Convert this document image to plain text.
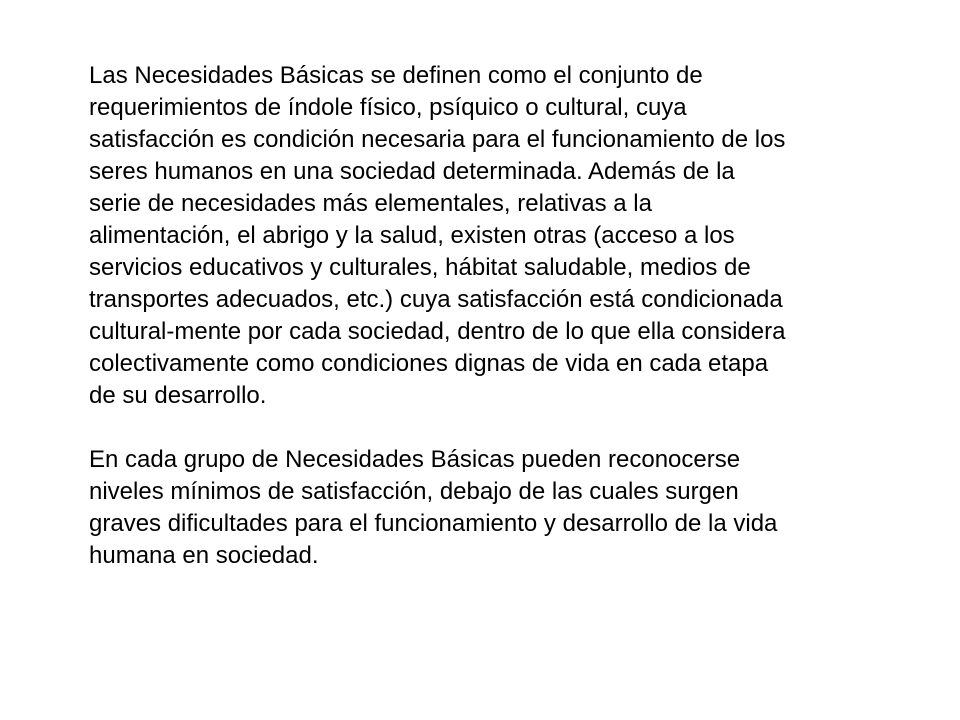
Las Necesidades Básicas se definen como el conjunto de
requerimientos de índole físico, psíquico o cultural, cuya
satisfacción es condición necesaria para el funcionamiento de los
seres humanos en una sociedad determinada. Además de la
serie de necesidades más elementales, relativas a la
alimentación, el abrigo y la salud, existen otras (acceso a los
servicios educativos y culturales, hábitat saludable, medios de
transportes adecuados, etc.) cuya satisfacción está condicionada
cultural-mente por cada sociedad, dentro de lo que ella considera
colectivamente como condiciones dignas de vida en cada etapa
de su desarrollo.

En cada grupo de Necesidades Básicas pueden reconocerse
niveles mínimos de satisfacción, debajo de las cuales surgen
graves dificultades para el funcionamiento y desarrollo de la vida
humana en sociedad.
